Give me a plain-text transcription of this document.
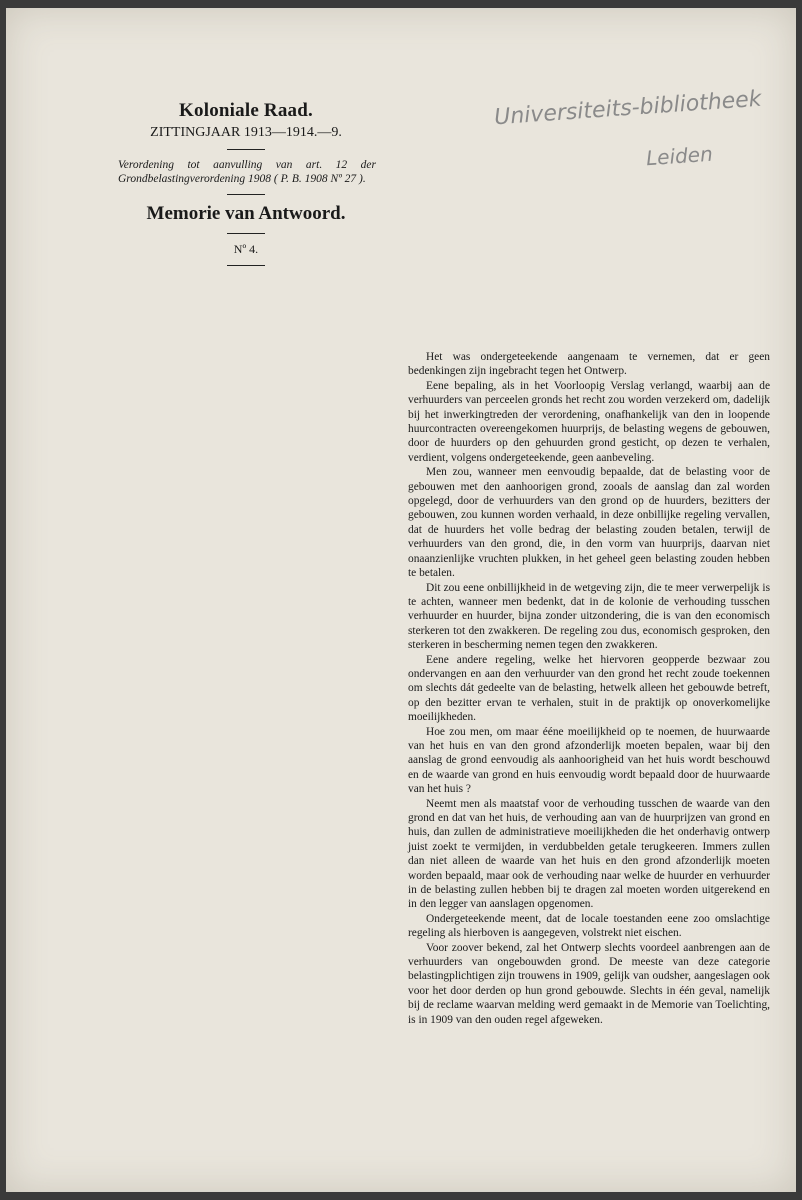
Koloniale Raad.
ZITTINGJAAR 1913—1914.—9.
Verordening tot aanvulling van art. 12 der Grondbelastingverordening 1908 ( P. B. 1908 Nº 27 ).
Memorie van Antwoord.
Nº 4.
Universiteits-bibliotheek
Leiden

Het was ondergeteekende aangenaam te vernemen, dat er geen bedenkingen zijn ingebracht tegen het Ontwerp.

Eene bepaling, als in het Voorloopig Verslag verlangd, waarbij aan de verhuurders van perceelen gronds het recht zou worden verzekerd om, dadelijk bij het inwerkingtreden der verordening, onafhankelijk van den in loopende huurcontracten overeengekomen huurprijs, de belasting wegens de gebouwen, door de huurders op den gehuurden grond gesticht, op dezen te verhalen, verdient, volgens ondergeteekende, geen aanbeveling.

Men zou, wanneer men eenvoudig bepaalde, dat de belasting voor de gebouwen met den aanhoorigen grond, zooals de aanslag dan zal worden opgelegd, door de verhuurders van den grond op de huurders, bezitters der gebouwen, zou kunnen worden verhaald, in deze onbillijke regeling vervallen, dat de huurders het volle bedrag der belasting zouden betalen, terwijl de verhuurders van den grond, die, in den vorm van huurprijs, daarvan niet onaanzienlijke vruchten plukken, in het geheel geen belasting zouden hebben te betalen.

Dit zou eene onbillijkheid in de wetgeving zijn, die te meer verwerpelijk is te achten, wanneer men bedenkt, dat in de kolonie de verhouding tusschen verhuurder en huurder, bijna zonder uitzondering, die is van den economisch sterkeren tot den zwakkeren. De regeling zou dus, economisch gesproken, den sterkeren in bescherming nemen tegen den zwakkeren.

Eene andere regeling, welke het hiervoren geopperde bezwaar zou ondervangen en aan den verhuurder van den grond het recht zoude toekennen om slechts dát gedeelte van de belasting, hetwelk alleen het gebouwde betreft, op den bezitter ervan te verhalen, stuit in de praktijk op onoverkomelijke moeilijkheden.

Hoe zou men, om maar ééne moeilijkheid op te noemen, de huurwaarde van het huis en van den grond afzonderlijk moeten bepalen, waar bij den aanslag de grond eenvoudig als aanhoorigheid van het huis wordt beschouwd en de waarde van grond en huis eenvoudig wordt bepaald door de huurwaarde van het huis ?

Neemt men als maatstaf voor de verhouding tusschen de waarde van den grond en dat van het huis, de verhouding aan van de huurprijzen van grond en huis, dan zullen de administratieve moeilijkheden die het onderhavig ontwerp juist zoekt te vermijden, in verdubbelden getale terugkeeren. Immers zullen dan niet alleen de waarde van het huis en den grond afzonderlijk moeten worden bepaald, maar ook de verhouding naar welke de huurder en verhuurder in de belasting zullen hebben bij te dragen zal moeten worden uitgerekend en in den legger van aanslagen opgenomen.

Ondergeteekende meent, dat de locale toestanden eene zoo omslachtige regeling als hierboven is aangegeven, volstrekt niet eischen.

Voor zoover bekend, zal het Ontwerp slechts voordeel aanbrengen aan de verhuurders van ongebouwden grond. De meeste van deze categorie belastingplichtigen zijn trouwens in 1909, gelijk van oudsher, aangeslagen ook voor het door derden op hun grond gebouwde. Slechts in één geval, namelijk bij de reclame waarvan melding werd gemaakt in de Memorie van Toelichting, is in 1909 van den ouden regel afgeweken.
